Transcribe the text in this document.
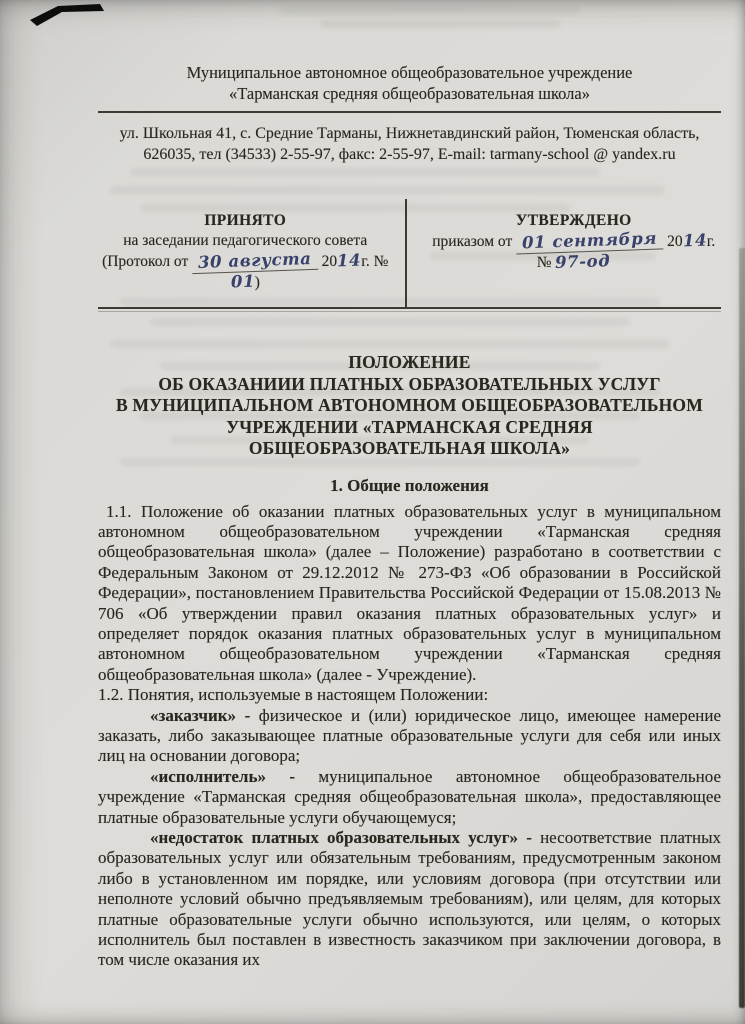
Муниципальное автономное общеобразовательное учреждение
«Тарманская средняя общеобразовательная школа»
ул. Школьная 41, с. Средние Тарманы, Нижнетавдинский район, Тюменская область,
626035, тел (34533) 2-55-97, факс: 2-55-97, E-mail: tarmany-school @ yandex.ru
ПРИНЯТО
на заседании педагогического совета
(Протокол от 30 августа 2014г. № 01)
УТВЕРЖДЕНО
приказом от 01 сентября 2014г. № 97-од
ПОЛОЖЕНИЕ
ОБ ОКАЗАНИИИ ПЛАТНЫХ ОБРАЗОВАТЕЛЬНЫХ УСЛУГ
В МУНИЦИПАЛЬНОМ АВТОНОМНОМ ОБЩЕОБРАЗОВАТЕЛЬНОМ
УЧРЕЖДЕНИИ «ТАРМАНСКАЯ СРЕДНЯЯ
ОБЩЕОБРАЗОВАТЕЛЬНАЯ ШКОЛА»
1. Общие положения

1.1. Положение об оказании платных образовательных услуг в муниципальном автономном общеобразовательном учреждении «Тарманская средняя общеобразовательная школа» (далее – Положение) разработано в соответствии с Федеральным Законом от 29.12.2012 № 273-ФЗ «Об образовании в Российской Федерации», постановлением Правительства Российской Федерации от 15.08.2013 № 706 «Об утверждении правил оказания платных образовательных услуг» и определяет порядок оказания платных образовательных услуг в муниципальном автономном общеобразовательном учреждении «Тарманская средняя общеобразовательная школа» (далее - Учреждение).

1.2. Понятия, используемые в настоящем Положении:

«заказчик» - физическое и (или) юридическое лицо, имеющее намерение заказать, либо заказывающее платные образовательные услуги для себя или иных лиц на основании договора;

«исполнитель» - муниципальное автономное общеобразовательное учреждение «Тарманская средняя общеобразовательная школа», предоставляющее платные образовательные услуги обучающемуся;

«недостаток платных образовательных услуг» - несоответствие платных образовательных услуг или обязательным требованиям, предусмотренным законом либо в установленном им порядке, или условиям договора (при отсутствии или неполноте условий обычно предъявляемым требованиям), или целям, для которых платные образовательные услуги обычно используются, или целям, о которых исполнитель был поставлен в известность заказчиком при заключении договора, в том числе оказания их
